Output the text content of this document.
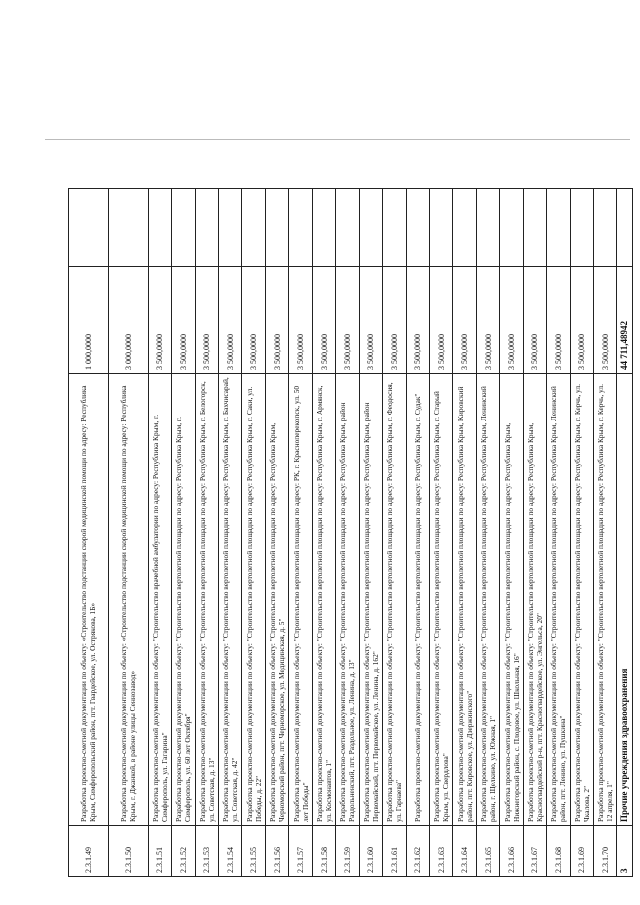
2.3.1.49	Разработка проектно-сметной документации по объекту: «Строительство подстанции скорой медицинской помощи по адресу: Республика Крым, Симферопольский район, пгт. Гвардейское, ул. Острякова, 1Б»	1 000,0000	
2.3.1.50	Разработка проектно-сметной документации по объекту: «Строительство подстанции скорой медицинской помощи по адресу: Республика Крым, г. Джанкой, в районе улицы Сеннозавод»	3 000,0000	
2.3.1.51	Разработка проектно-сметной документации по объекту: "Строительство врачебной амбулатории по адресу: Республика Крым, г. Симферополь, ул. Гагарина"	3 500,0000	
2.3.1.52	Разработка проектно-сметной документации по объекту: "Строительство вертолетной площадки по адресу: Республика Крым, г. Симферополь, ул. 60 лет Октября"	3 500,0000	
2.3.1.53	Разработка проектно-сметной документации по объекту: "Строительство вертолетной площадки по адресу: Республика Крым, г. Белогорск, ул. Советская, д. 13"	3 500,0000	
2.3.1.54	Разработка проектно-сметной документации по объекту: "Строительство вертолетной площадки по адресу: Республика Крым, г. Бахчисарай, ул. Советская, д. 42"	3 500,0000	
2.3.1.55	Разработка проектно-сметной документации по объекту: "Строительство вертолетной площадки по адресу: Республика Крым, г. Саки, ул. Победы, д. 22"	3 500,0000	
2.3.1.56	Разработка проектно-сметной документации по объекту: "Строительство вертолетной площадки по адресу: Республика Крым, Черноморский район, пгт. Черноморское, ул. Медицинская, д. 5"	3 500,0000	
2.3.1.57	Разработка проектно-сметной документации по объекту: "Строительство вертолетной площадки по адресу: РК, г. Красноперекопск, ул. 50 лет Победы"	3 500,0000	
2.3.1.58	Разработка проектно-сметной документации по объекту: "Строительство вертолетной площадки по адресу: Республика Крым, г. Армянск, ул. Космонавтов, 1"	3 500,0000	
2.3.1.59	Разработка проектно-сметной документации по объекту: "Строительство вертолетной площадки по адресу: Республика Крым, район Раздольненский, пгт. Раздольное, ул. Ленина, д. 13"	3 500,0000	
2.3.1.60	Разработка проектно-сметной документации по объекту: "Строительство вертолетной площадки по адресу: Республика Крым, район Первомайский, пгт. Первомайское, ул. Ленина, д. 162"	3 500,0000	
2.3.1.61	Разработка проектно-сметной документации по объекту: "Строительство вертолетной площадки по адресу: Республика Крым, г. Феодосия, ул. Гарнаева"	3 500,0000	
2.3.1.62	Разработка проектно-сметной документации по объекту: "Строительство вертолетной площадки по адресу: Республика Крым, г. Судак"	3 500,0000	
2.3.1.63	Разработка проектно-сметной документации по объекту: "Строительство вертолетной площадки по адресу: Республика Крым, г. Старый Крым, ул. Свердлова"	3 500,0000	
2.3.1.64	Разработка проектно-сметной документации по объекту: "Строительство вертолетной площадки по адресу: Республика Крым, Кировский район, пгт. Кировское, ул. Дзержинского"	3 500,0000	
2.3.1.65	Разработка проектно-сметной документации по объекту: "Строительство вертолетной площадки по адресу: Республика Крым, Ленинский район, г. Щелкино, ул. Южная, 1"	3 500,0000	
2.3.1.66	Разработка проектно-сметной документации по объекту: "Строительство вертолетной площадки по адресу: Республика Крым, Нижнегорский район, с. Плодовое, ул. Школьная, 16"	3 500,0000	
2.3.1.67	Разработка проектно-сметной документации по объекту: "Строительство вертолетной площадки по адресу: Республика Крым, Красногвардейский р-н, пгт. Красногвардейское, ул. Энгельса, 20"	3 500,0000	
2.3.1.68	Разработка проектно-сметной документации по объекту: "Строительство вертолетной площадки по адресу: Республика Крым, Ленинский район, пгт. Ленино, ул. Пушкина"	3 500,0000	
2.3.1.69	Разработка проектно-сметной документации по объекту: "Строительство вертолетной площадки по адресу: Республика Крым, г. Керчь, ул. Чкалова, 2"	3 500,0000	
2.3.1.70	Разработка проектно-сметной документации по объекту: "Строительство вертолетной площадки по адресу: Республика Крым, г. Керчь, ул. 12 апреля, 1"	3 500,0000	
3	Прочие учреждения здравоохранения	44 711,48942	
